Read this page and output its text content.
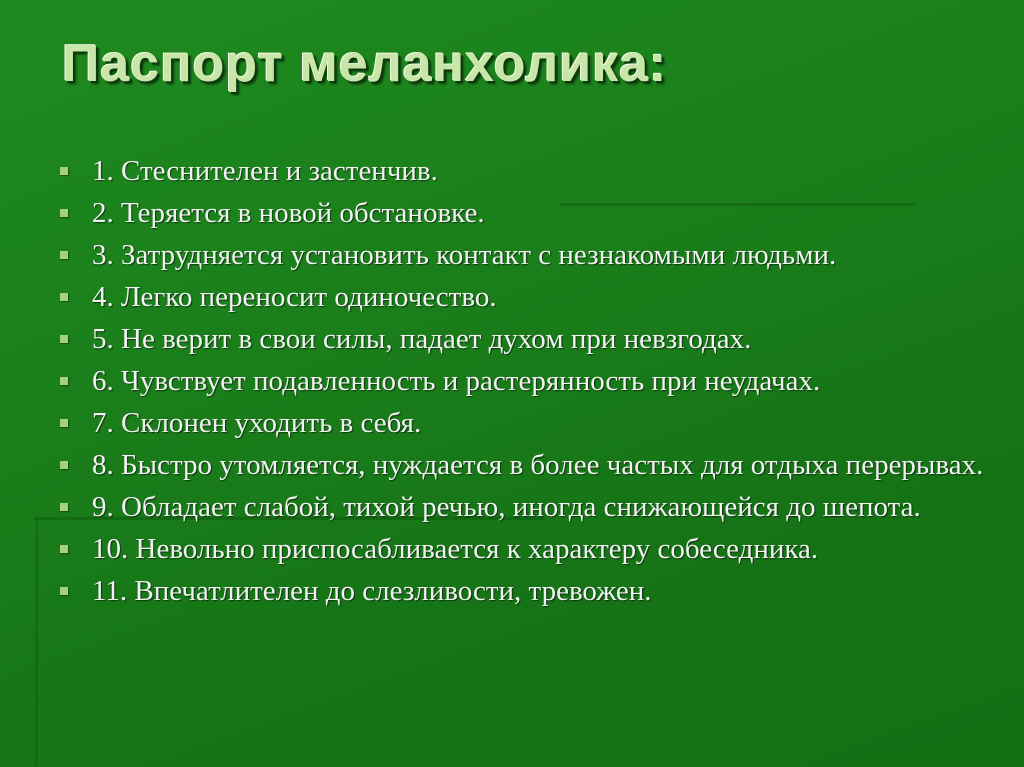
Паспорт меланхолика:
1. Стеснителен и застенчив.
2. Теряется в новой обстановке.
3. Затрудняется установить контакт с незнакомыми людьми.
4. Легко переносит одиночество.
5. Не верит в свои силы, падает духом при невзгодах.
6. Чувствует подавленность и растерянность при неудачах.
7. Склонен уходить в себя.
8. Быстро утомляется, нуждается в более частых для отдыха перерывах.
9. Обладает слабой, тихой речью, иногда снижающейся до шепота.
10. Невольно приспосабливается к характеру собеседника.
11. Впечатлителен до слезливости, тревожен.
